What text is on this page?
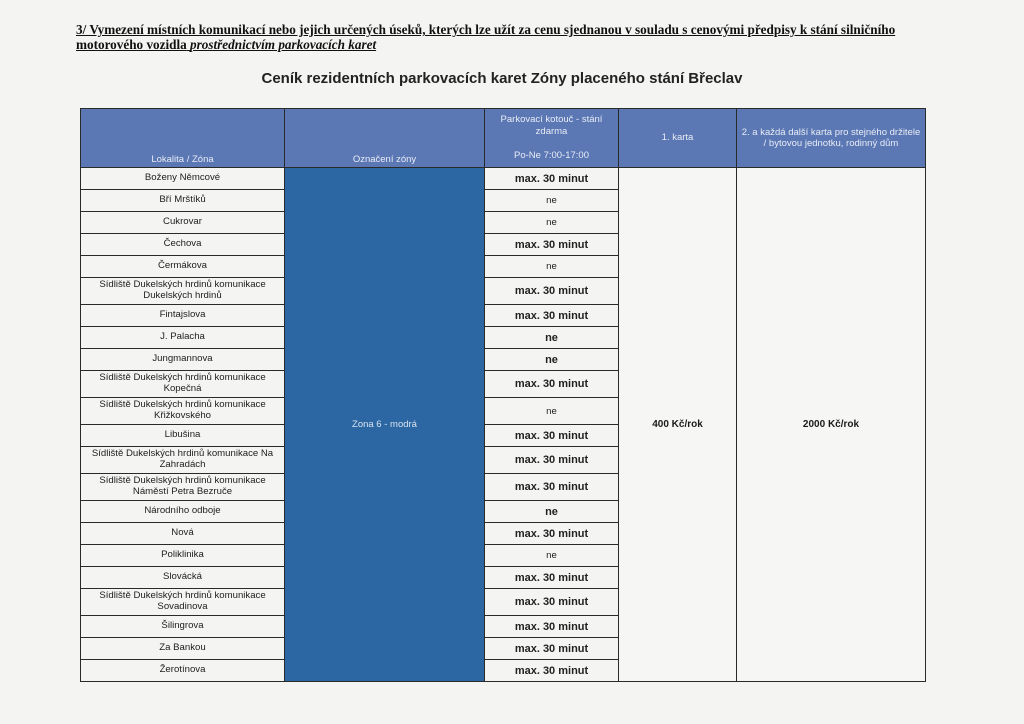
3/ Vymezení místních komunikací nebo jejich určených úseků, kterých lze užít za cenu sjednanou v souladu s cenovými předpisy k stání silničního motorového vozidla prostřednictvím parkovacích karet
Ceník rezidentních parkovacích karet Zóny placeného stání Břeclav
Lokalita / Zóna	Označení zóny	Parkovací kotouč - stání
zdarma
Po-Ne 7:00-17:00	1. karta	2. a každá další karta pro stejného držitele / bytovou jednotku, rodinný dům
Boženy Němcové	Zona 6 - modrá	max. 30 minut	400 Kč/rok	2000 Kč/rok
Bří Mrštíků		ne		
Cukrovar		ne		
Čechova		max. 30 minut		
Čermákova		ne		
Sídliště Dukelských hrdinů komunikace Dukelských hrdinů		max. 30 minut		
Fintajslova		max. 30 minut		
J. Palacha		ne		
Jungmannova		ne		
Sídliště Dukelských hrdinů komunikace Kopečná		max. 30 minut		
Sídliště Dukelských hrdinů komunikace Křižkovského		ne		
Libušina		max. 30 minut		
Sídliště Dukelských hrdinů komunikace Na Zahradách		max. 30 minut		
Sídliště Dukelských hrdinů komunikace Náměstí Petra Bezruče		max. 30 minut		
Národního odboje		ne		
Nová		max. 30 minut		
Poliklinika		ne		
Slovácká		max. 30 minut		
Sídliště Dukelských hrdinů komunikace Sovadinova		max. 30 minut		
Šilingrova		max. 30 minut		
Za Bankou		max. 30 minut		
Žerotínova		max. 30 minut		
